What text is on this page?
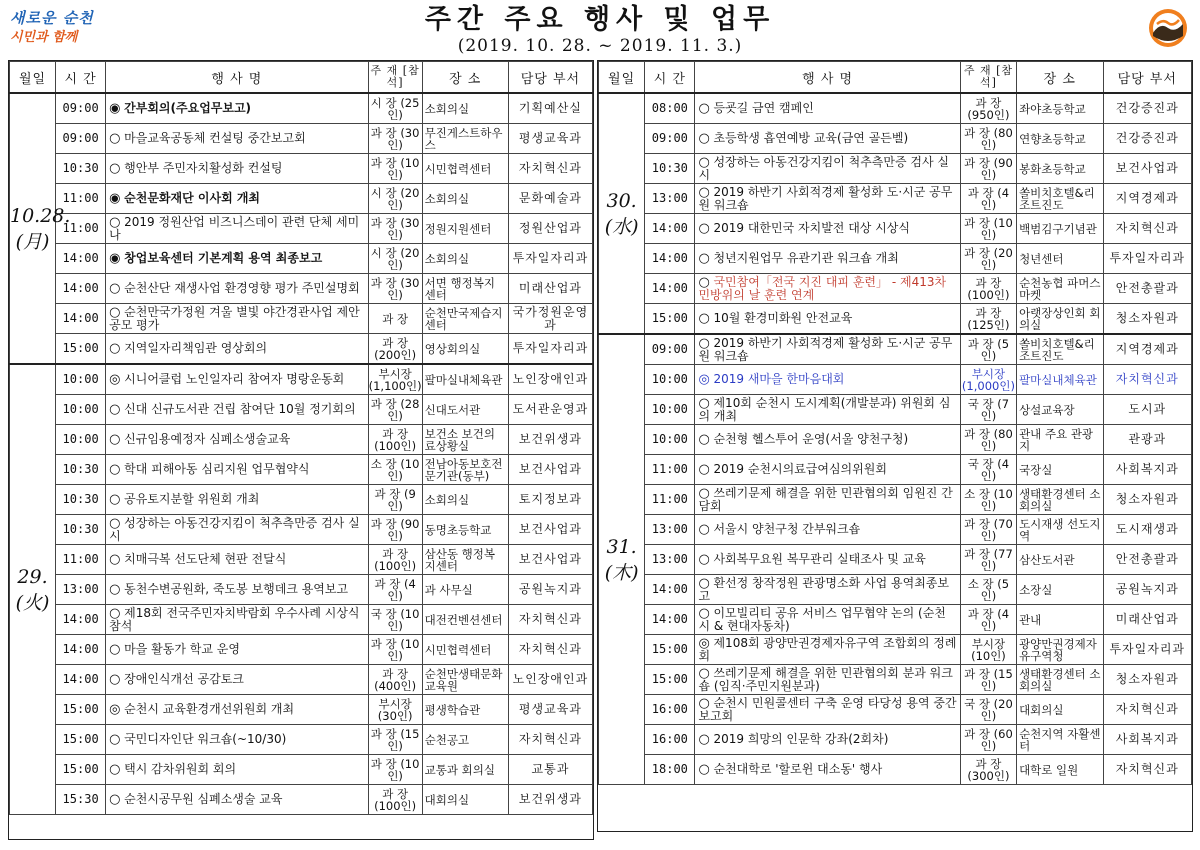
새로운 순천
시민과 함께
주간 주요 행사 및 업무
(2019. 10. 28. ~ 2019. 11. 3.)
월일	시 간	행 사 명	주 재 [참석]	장 소	담당 부서

10.28.
(月)	09:00	◉ 간부회의(주요업무보고)	시 장 (25인)	소회의실	기획예산실
	09:00	○ 마을교육공동체 컨설팅 중간보고회	과 장 (30인)	무진게스트하우스	평생교육과
	10:30	○ 행안부 주민자치활성화 컨설팅	과 장 (10인)	시민협력센터	자치혁신과
	11:00	◉ 순천문화재단 이사회 개최	시 장 (20인)	소회의실	문화예술과
	11:00	○ 2019 정원산업 비즈니스데이 관련 단체 세미나	과 장 (30인)	정원지원센터	정원산업과
	14:00	◉ 창업보육센터 기본계획 용역 최종보고	시 장 (20인)	소회의실	투자일자리과
	14:00	○ 순천산단 재생사업 환경영향 평가 주민설명회	과 장 (30인)	서면 행정복지센터	미래산업과
	14:00	○ 순천만국가정원 겨울 별빛 야간경관사업 제안 공모 평가	과 장	순천만국제습지센터	국가정원운영과
	15:00	○ 지역일자리책임관 영상회의	과 장 (200인)	영상회의실	투자일자리과

29.
(火)	10:00	◎ 시니어클럽 노인일자리 참여자 명랑운동회	부시장 (1,100인)	팔마실내체육관	노인장애인과
	10:00	○ 신대 신규도서관 건립 참여단 10월 정기회의	과 장 (28인)	신대도서관	도서관운영과
	10:00	○ 신규임용예정자 심폐소생술교육	과 장 (100인)	보건소 보건의료상황실	보건위생과
	10:30	○ 학대 피해아동 심리지원 업무협약식	소 장 (10인)	전남아동보호전문기관(동부)	보건사업과
	10:30	○ 공유토지분할 위원회 개최	과 장 (9인)	소회의실	토지정보과
	10:30	○ 성장하는 아동건강지킴이 척추측만증 검사 실시	과 장 (90인)	동명초등학교	보건사업과
	11:00	○ 치매극복 선도단체 현판 전달식	과 장 (100인)	삼산동 행정복지센터	보건사업과
	13:00	○ 동천수변공원화, 죽도봉 보행데크 용역보고	과 장 (4인)	과 사무실	공원녹지과
	14:00	○ 제18회 전국주민자치박람회 우수사례 시상식 참석	국 장 (10인)	대전컨벤션센터	자치혁신과
	14:00	○ 마을 활동가 학교 운영	과 장 (10인)	시민협력센터	자치혁신과
	14:00	○ 장애인식개선 공감토크	과 장 (400인)	순천만생태문화교육원	노인장애인과
	15:00	◎ 순천시 교육환경개선위원회 개최	부시장 (30인)	평생학습관	평생교육과
	15:00	○ 국민디자인단 워크숍(~10/30)	과 장 (15인)	순천공고	자치혁신과
	15:00	○ 택시 감차위원회 회의	과 장 (10인)	교통과 회의실	교통과
	15:30	○ 순천시공무원 심폐소생술 교육	과 장 (100인)	대회의실	보건위생과
월일	시 간	행 사 명	주 재 [참석]	장 소	담당 부서

30.
(水)	08:00	○ 등굣길 금연 캠페인	과 장 (950인)	좌야초등학교	건강증진과
	09:00	○ 초등학생 흡연예방 교육(금연 골든벨)	과 장 (80인)	연향초등학교	건강증진과
	10:30	○ 성장하는 아동건강지킴이 척추측만증 검사 실시	과 장 (90인)	봉화초등학교	보건사업과
	13:00	○ 2019 하반기 사회적경제 활성화 도·시군 공무원 워크숍	과 장 (4인)	쏠비치호텔&리조트진도	지역경제과
	14:00	○ 2019 대한민국 자치발전 대상 시상식	과 장 (10인)	백범김구기념관	자치혁신과
	14:00	○ 청년지원업무 유관기관 워크숍 개최	과 장 (20인)	청년센터	투자일자리과
	14:00	○ 국민참여「전국 지진 대피 훈련」 - 제413차 민방위의 날 훈련 연계	과 장 (100인)	순천농협 파머스마켓	안전총괄과
	15:00	○ 10월 환경미화원 안전교육	과 장 (125인)	아랫장상인회 회의실	청소자원과

31.
(木)	09:00	○ 2019 하반기 사회적경제 활성화 도·시군 공무원 워크숍	과 장 (5인)	쏠비치호텔&리조트진도	지역경제과
	10:00	◎ 2019 새마을 한마음대회	부시장 (1,000인)	팔마실내체육관	자치혁신과
	10:00	○ 제10회 순천시 도시계획(개발분과) 위원회 심의 개최	국 장 (7인)	상설교육장	도시과
	10:00	○ 순천형 헬스투어 운영(서울 양천구청)	과 장 (80인)	관내 주요 관광지	관광과
	11:00	○ 2019 순천시의료급여심의위원회	국 장 (4인)	국장실	사회복지과
	11:00	○ 쓰레기문제 해결을 위한 민관협의회 임원진 간담회	소 장 (10인)	생태환경센터 소회의실	청소자원과
	13:00	○ 서울시 양천구청 간부워크숍	과 장 (70인)	도시재생 선도지역	도시재생과
	13:00	○ 사회복무요원 복무관리 실태조사 및 교육	과 장 (77인)	삼산도서관	안전총괄과
	14:00	○ 환선정 창작정원 관광명소화 사업 용역최종보고	소 장 (5인)	소장실	공원녹지과
	14:00	○ 이모빌리티 공유 서비스 업무협약 논의 (순천시 & 현대자동차)	과 장 (4인)	관내	미래산업과
	15:00	◎ 제108회 광양만권경제자유구역 조합회의 정례회	부시장 (10인)	광양만권경제자유구역청	투자일자리과
	15:00	○ 쓰레기문제 해결을 위한 민관협의회 분과 워크숍 (임직·주민지원분과)	과 장 (15인)	생태환경센터 소회의실	청소자원과
	16:00	○ 순천시 민원콜센터 구축 운영 타당성 용역 중간보고회	국 장 (20인)	대회의실	자치혁신과
	16:00	○ 2019 희망의 인문학 강좌(2회차)	과 장 (60인)	순천지역 자활센터	사회복지과
	18:00	○ 순천대학로 '할로윈 대소동' 행사	과 장 (300인)	대학로 일원	자치혁신과
